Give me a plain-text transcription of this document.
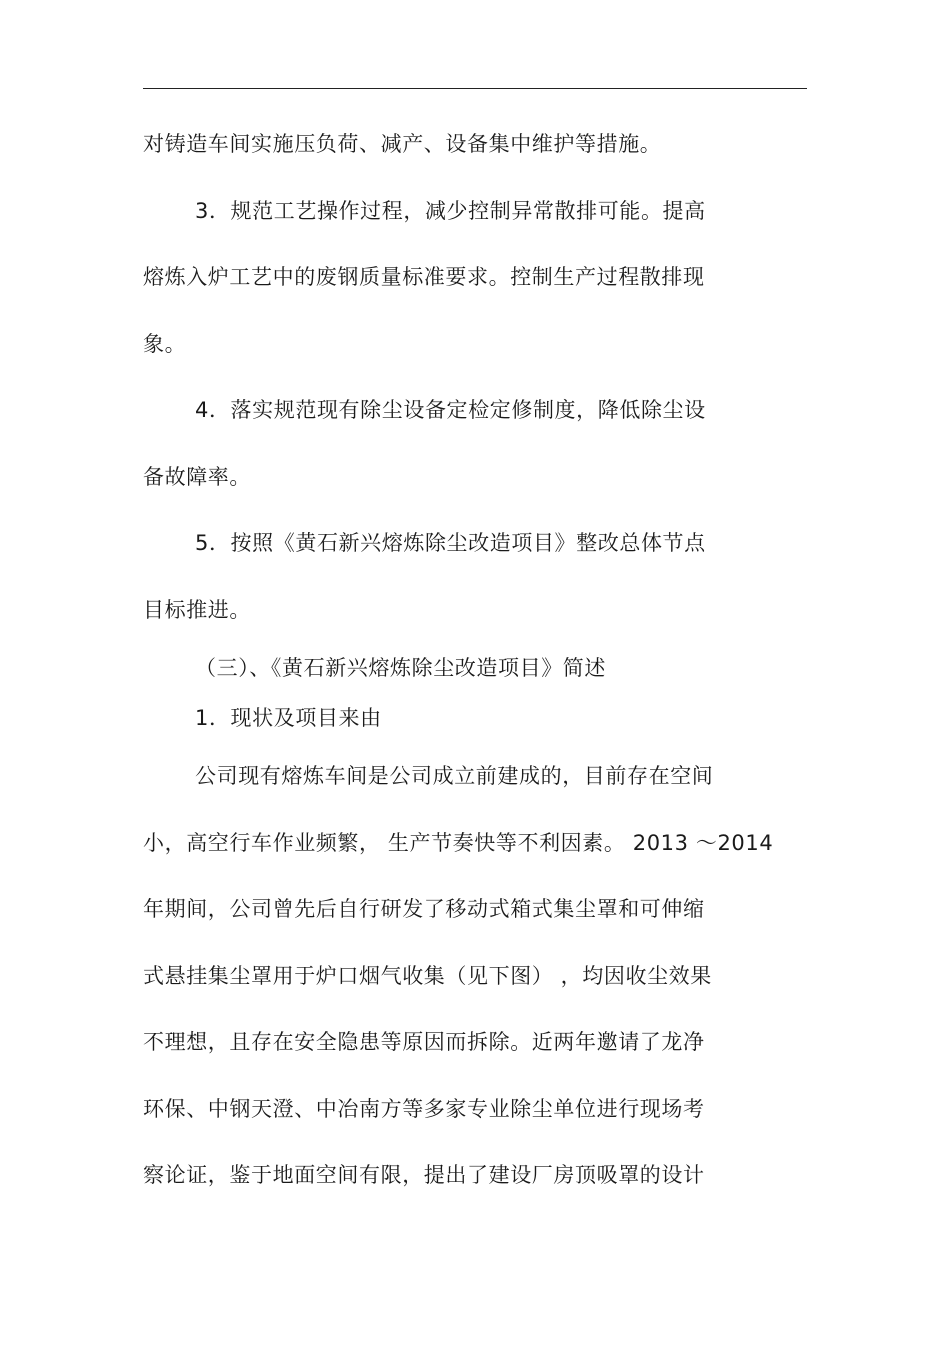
对铸造车间实施压负荷、减产、设备集中维护等措施。
3．规范工艺操作过程，减少控制异常散排可能。提高
熔炼入炉工艺中的废钢质量标准要求。控制生产过程散排现
象。
4．落实规范现有除尘设备定检定修制度，降低除尘设
备故障率。
5．按照《黄石新兴熔炼除尘改造项目》整改总体节点
目标推进。
（三）、《黄石新兴熔炼除尘改造项目》简述
1．现状及项目来由
公司现有熔炼车间是公司成立前建成的，目前存在空间
小，高空行车作业频繁， 生产节奏快等不利因素。 2013 ～2014
年期间，公司曾先后自行研发了移动式箱式集尘罩和可伸缩
式悬挂集尘罩用于炉口烟气收集（见下图） ，均因收尘效果
不理想，且存在安全隐患等原因而拆除。近两年邀请了龙净
环保、中钢天澄、中冶南方等多家专业除尘单位进行现场考
察论证，鉴于地面空间有限，提出了建设厂房顶吸罩的设计
